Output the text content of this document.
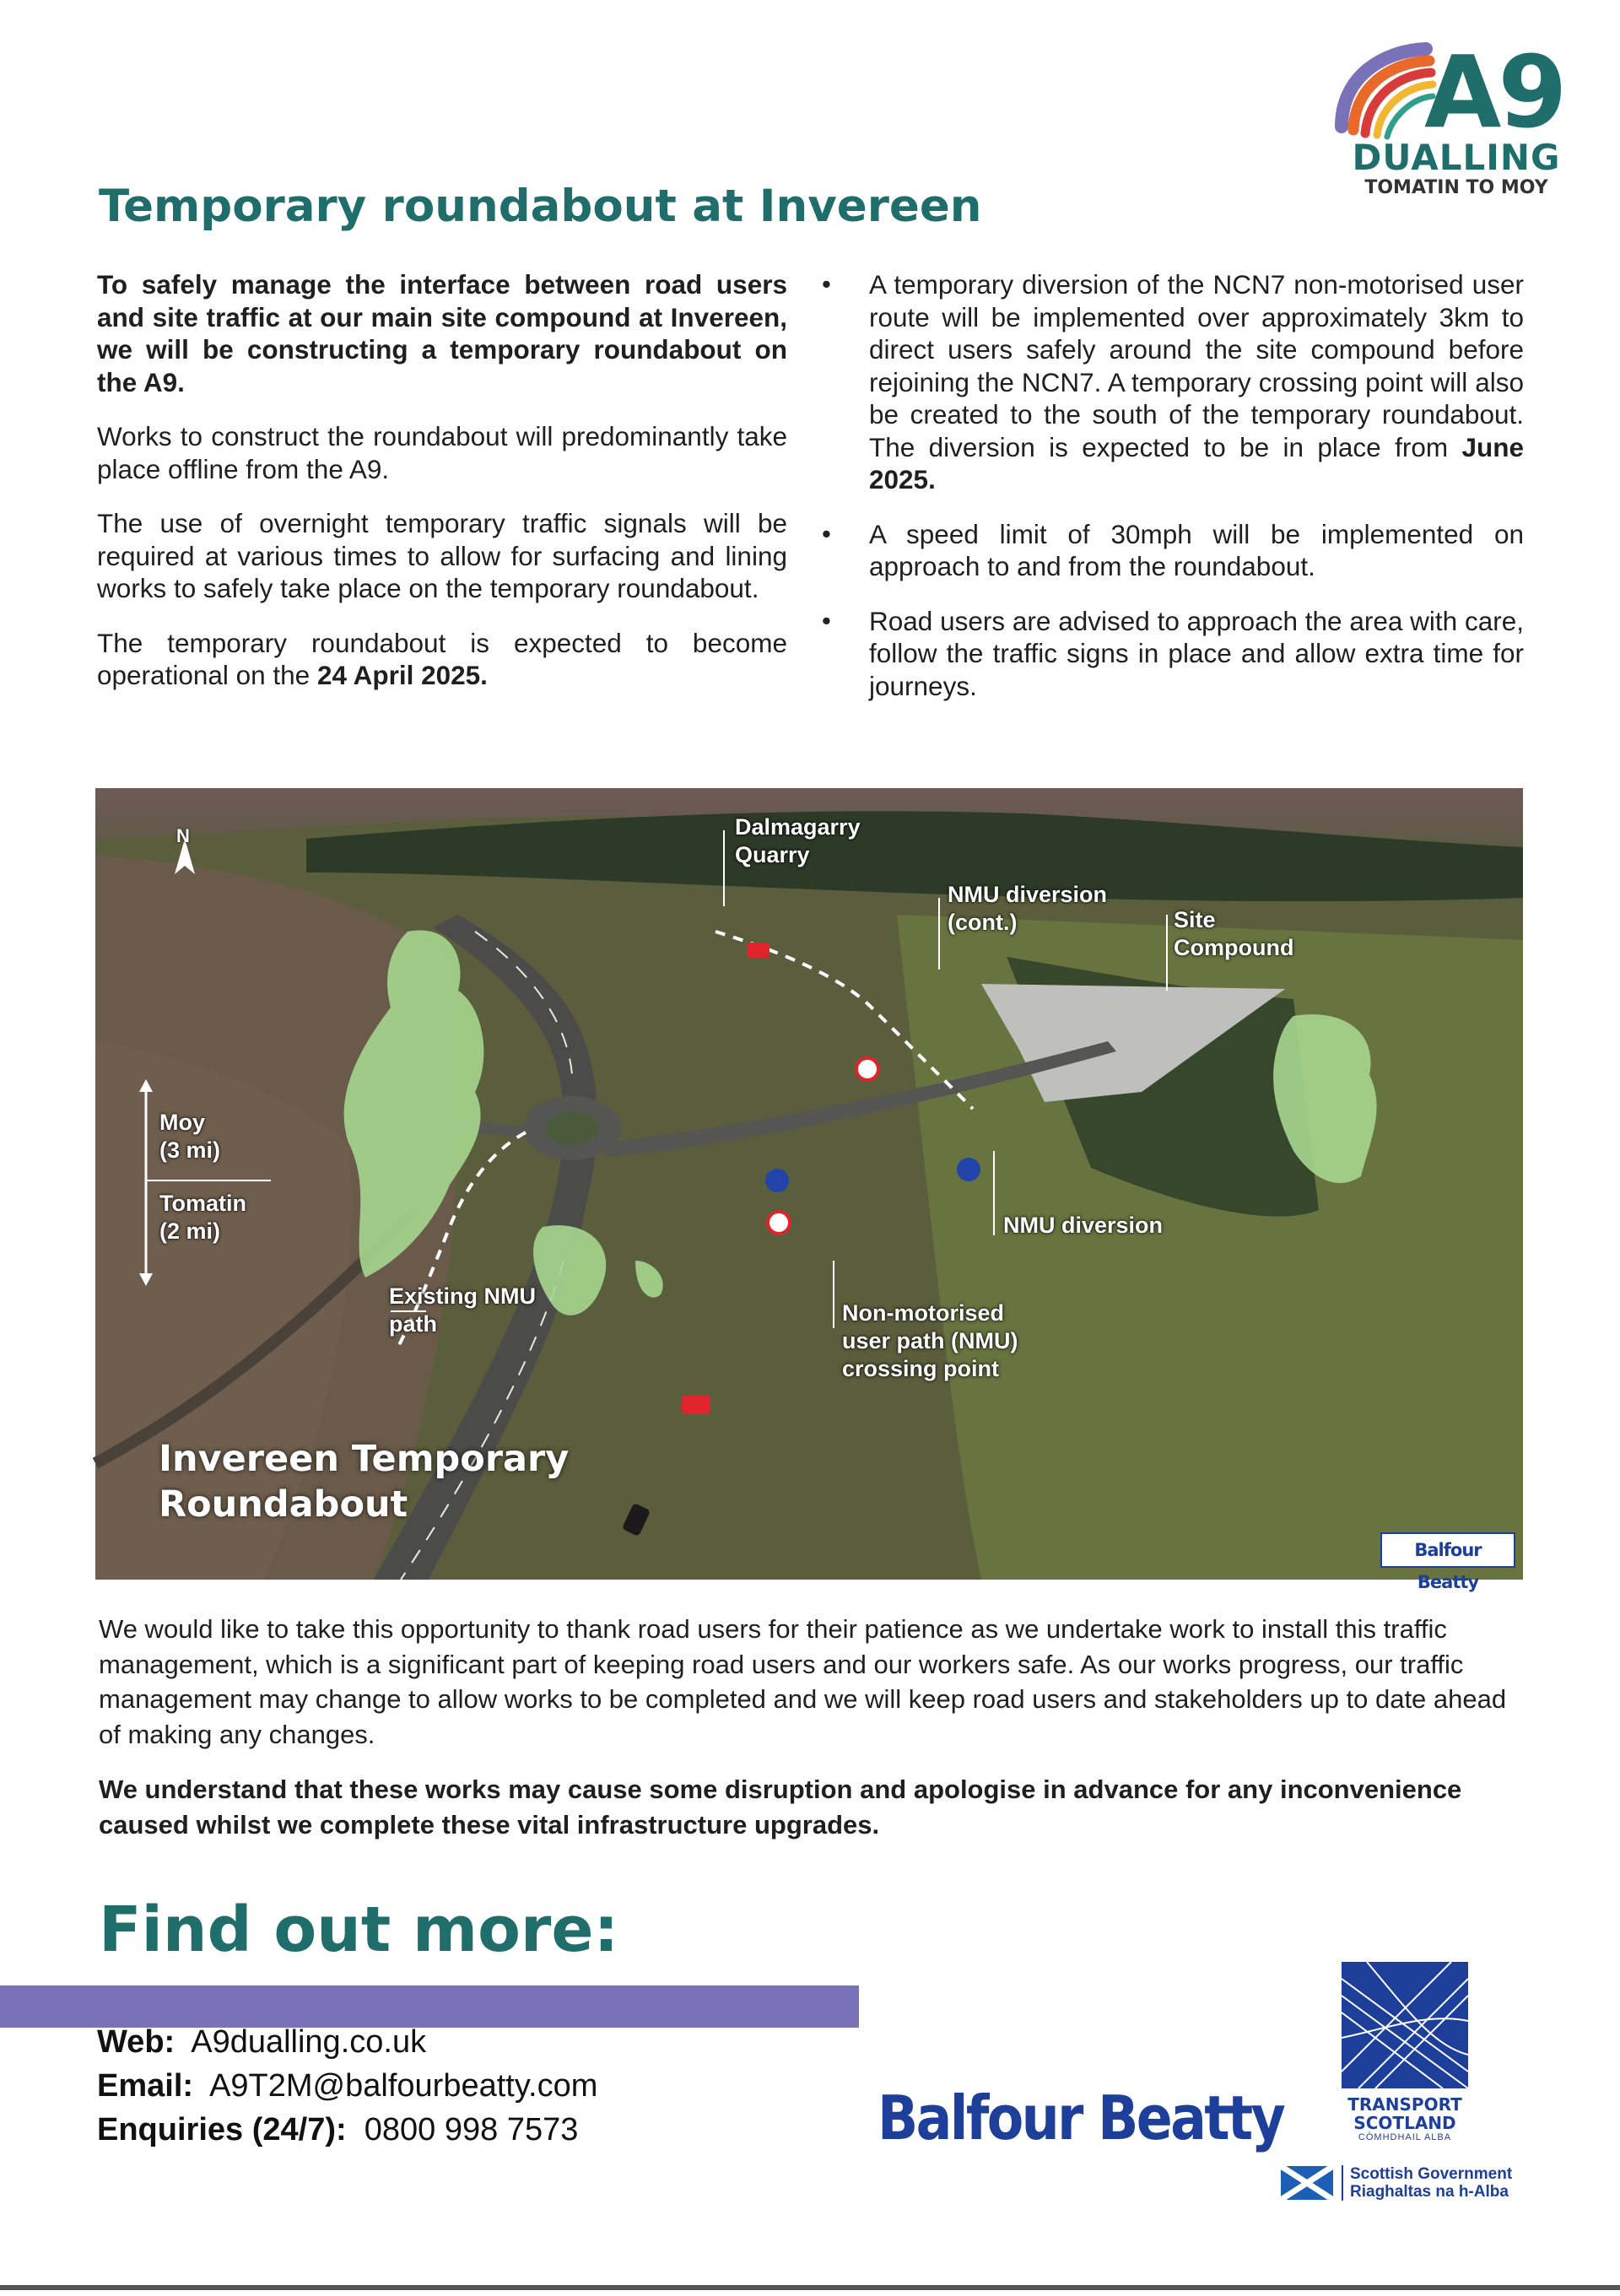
A9
DUALLING
TOMATIN TO MOY
Temporary roundabout at Invereen

To safely manage the interface between road users and site traffic at our main site compound at Invereen, we will be constructing a temporary roundabout on the A9.

Works to construct the roundabout will predominantly take place offline from the A9.

The use of overnight temporary traffic signals will be required at various times to allow for surfacing and lining works to safely take place on the temporary roundabout.

The temporary roundabout is expected to become operational on the 24 April 2025.

•	A temporary diversion of the NCN7 non-motorised user route will be implemented over approximately 3km to direct users safely around the site compound before rejoining the NCN7. A temporary crossing point will also be created to the south of the temporary roundabout. The diversion is expected to be in place from June 2025.

•	A speed limit of 30mph will be implemented on approach to and from the roundabout.

•	Road users are advised to approach the area with care, follow the traffic signs in place and allow extra time for journeys.

N	Dalmagarry
Quarry
NMU diversion
(cont.)	Site
Compound
Moy
(3 mi)
Tomatin
(2 mi)	NMU diversion
Existing NMU
path	Non-motorised
user path (NMU)
crossing point
Invereen Temporary
Roundabout
Balfour Beatty

We would like to take this opportunity to thank road users for their patience as we undertake work to install this traffic management, which is a significant part of keeping road users and our workers safe. As our works progress, our traffic management may change to allow works to be completed and we will keep road users and stakeholders up to date ahead of making any changes.

We understand that these works may cause some disruption and apologise in advance for any inconvenience caused whilst we complete these vital infrastructure upgrades.

Find out more:
Web: A9dualling.co.uk
Email: A9T2M@balfourbeatty.com
Enquiries (24/7): 0800 998 7573	Balfour Beatty	TRANSPORT
SCOTLAND
CÒMHDHAIL ALBA
Scottish Government
Riaghaltas na h-Alba
